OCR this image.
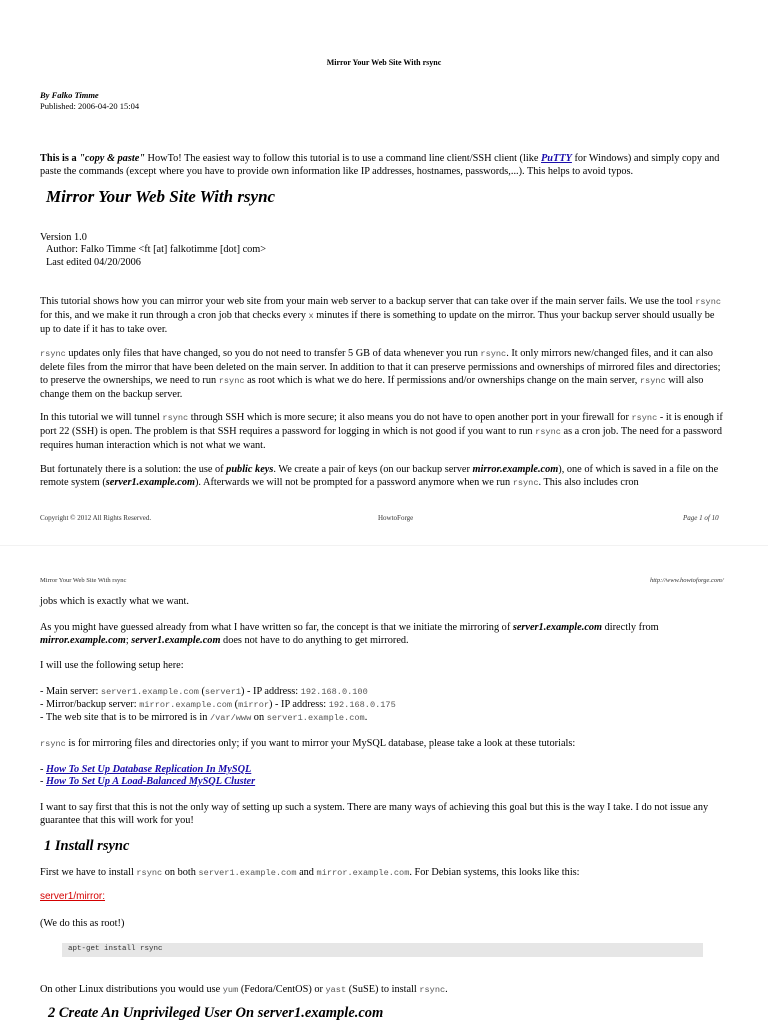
Mirror Your Web Site With rsync
By Falko Timme
Published: 2006-04-20 15:04

This is a "copy & paste" HowTo! The easiest way to follow this tutorial is to use a command line client/SSH client (like PuTTY for Windows) and simply copy and paste the commands (except where you have to provide own information like IP addresses, hostnames, passwords,...). This helps to avoid typos.

Mirror Your Web Site With rsync
Version 1.0
Author: Falko Timme <ft [at] falkotimme [dot] com>
Last edited 04/20/2006

This tutorial shows how you can mirror your web site from your main web server to a backup server that can take over if the main server fails. We use the tool rsync for this, and we make it run through a cron job that checks every x minutes if there is something to update on the mirror. Thus your backup server should usually be up to date if it has to take over.

rsync updates only files that have changed, so you do not need to transfer 5 GB of data whenever you run rsync. It only mirrors new/changed files, and it can also delete files from the mirror that have been deleted on the main server. In addition to that it can preserve permissions and ownerships of mirrored files and directories; to preserve the ownerships, we need to run rsync as root which is what we do here. If permissions and/or ownerships change on the main server, rsync will also change them on the backup server.

In this tutorial we will tunnel rsync through SSH which is more secure; it also means you do not have to open another port in your firewall for rsync - it is enough if port 22 (SSH) is open. The problem is that SSH requires a password for logging in which is not good if you want to run rsync as a cron job. The need for a password requires human interaction which is not what we want.

But fortunately there is a solution: the use of public keys. We create a pair of keys (on our backup server mirror.example.com), one of which is saved in a file on the remote system (server1.example.com). Afterwards we will not be prompted for a password anymore when we run rsync. This also includes cron

Copyright © 2012 All Rights Reserved.	HowtoForge	Page 1 of 10
Mirror Your Web Site With rsync	http://www.howtoforge.com/
jobs which is exactly what we want.

As you might have guessed already from what I have written so far, the concept is that we initiate the mirroring of server1.example.com directly from mirror.example.com; server1.example.com does not have to do anything to get mirrored.

I will use the following setup here:
- Main server: server1.example.com (server1) - IP address: 192.168.0.100
- Mirror/backup server: mirror.example.com (mirror) - IP address: 192.168.0.175
- The web site that is to be mirrored is in /var/www on server1.example.com.
rsync is for mirroring files and directories only; if you want to mirror your MySQL database, please take a look at these tutorials:
- How To Set Up Database Replication In MySQL
- How To Set Up A Load-Balanced MySQL Cluster

I want to say first that this is not the only way of setting up such a system. There are many ways of achieving this goal but this is the way I take. I do not issue any guarantee that this will work for you!

1 Install rsync
First we have to install rsync on both server1.example.com and mirror.example.com. For Debian systems, this looks like this:
server1/mirror:
(We do this as root!)
apt-get install rsync
On other Linux distributions you would use yum (Fedora/CentOS) or yast (SuSE) to install rsync.
2 Create An Unprivileged User On server1.example.com
